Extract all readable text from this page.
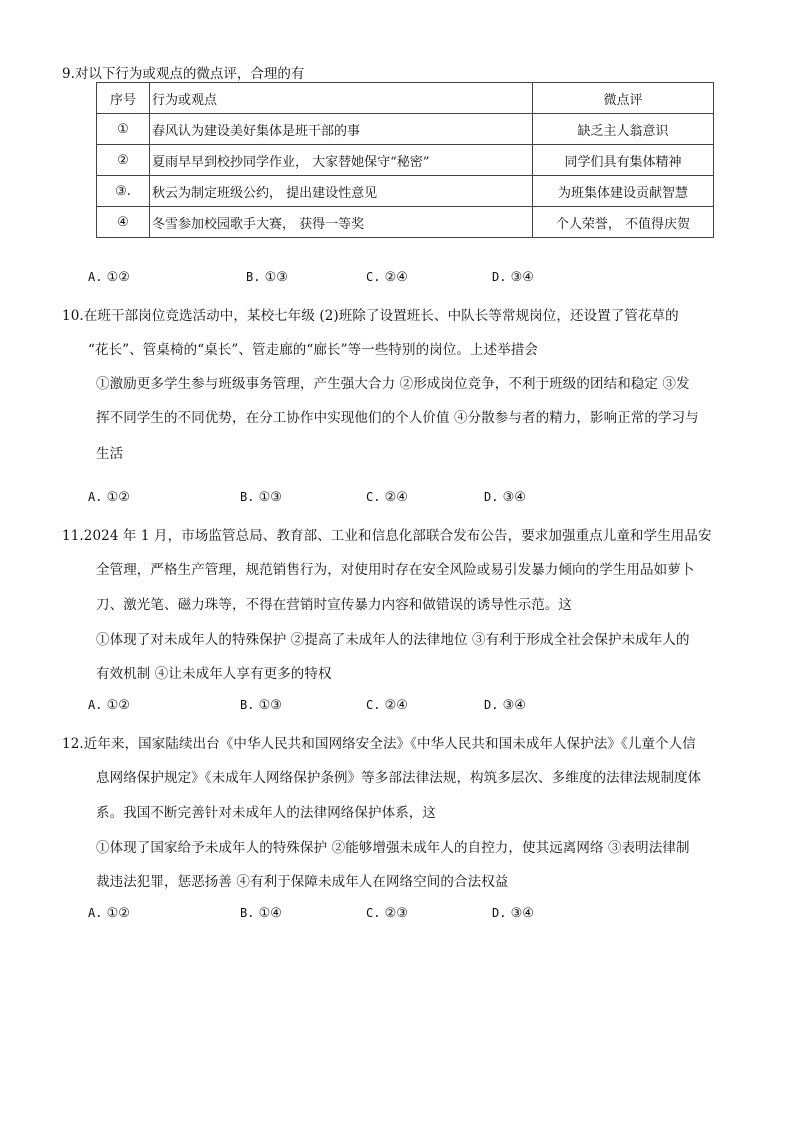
9.对以下行为或观点的微点评，合理的有
序号	行为或观点	微点评
①	春风认为建设美好集体是班干部的事	缺乏主人翁意识
②	夏雨早早到校抄同学作业， 大家替她保守“秘密”	同学们具有集体精神
③.	秋云为制定班级公约， 提出建设性意见	为班集体建设贡献智慧
④	冬雪参加校园歌手大赛， 获得一等奖	个人荣誉， 不值得庆贺
A. ①②	B. ①③	C. ②④	D. ③④
10.在班干部岗位竞选活动中，某校七年级 (2)班除了设置班长、中队长等常规岗位，还设置了管花草的
“花长”、管桌椅的“桌长”、管走廊的“廊长”等一些特别的岗位。上述举措会
①激励更多学生参与班级事务管理，产生强大合力 ②形成岗位竞争，不利于班级的团结和稳定 ③发
挥不同学生的不同优势，在分工协作中实现他们的个人价值 ④分散参与者的精力，影响正常的学习与
生活
A. ①②	B. ①③	C. ②④	D. ③④
11.2024 年 1 月，市场监管总局、教育部、工业和信息化部联合发布公告，要求加强重点儿童和学生用品安
全管理，严格生产管理，规范销售行为，对使用时存在安全风险或易引发暴力倾向的学生用品如萝卜
刀、激光笔、磁力珠等，不得在营销时宣传暴力内容和做错误的诱导性示范。这
①体现了对未成年人的特殊保护 ②提高了未成年人的法律地位 ③有利于形成全社会保护未成年人的
有效机制 ④让未成年人享有更多的特权
A. ①②	B. ①③	C. ②④	D. ③④
12.近年来，国家陆续出台《中华人民共和国网络安全法》《中华人民共和国未成年人保护法》《儿童个人信
息网络保护规定》《未成年人网络保护条例》等多部法律法规，构筑多层次、多维度的法律法规制度体
系。我国不断完善针对未成年人的法律网络保护体系，这
①体现了国家给予未成年人的特殊保护 ②能够增强未成年人的自控力，使其远离网络 ③表明法律制
裁违法犯罪，惩恶扬善 ④有利于保障未成年人在网络空间的合法权益
A. ①②	B. ①④	C. ②③	D. ③④
